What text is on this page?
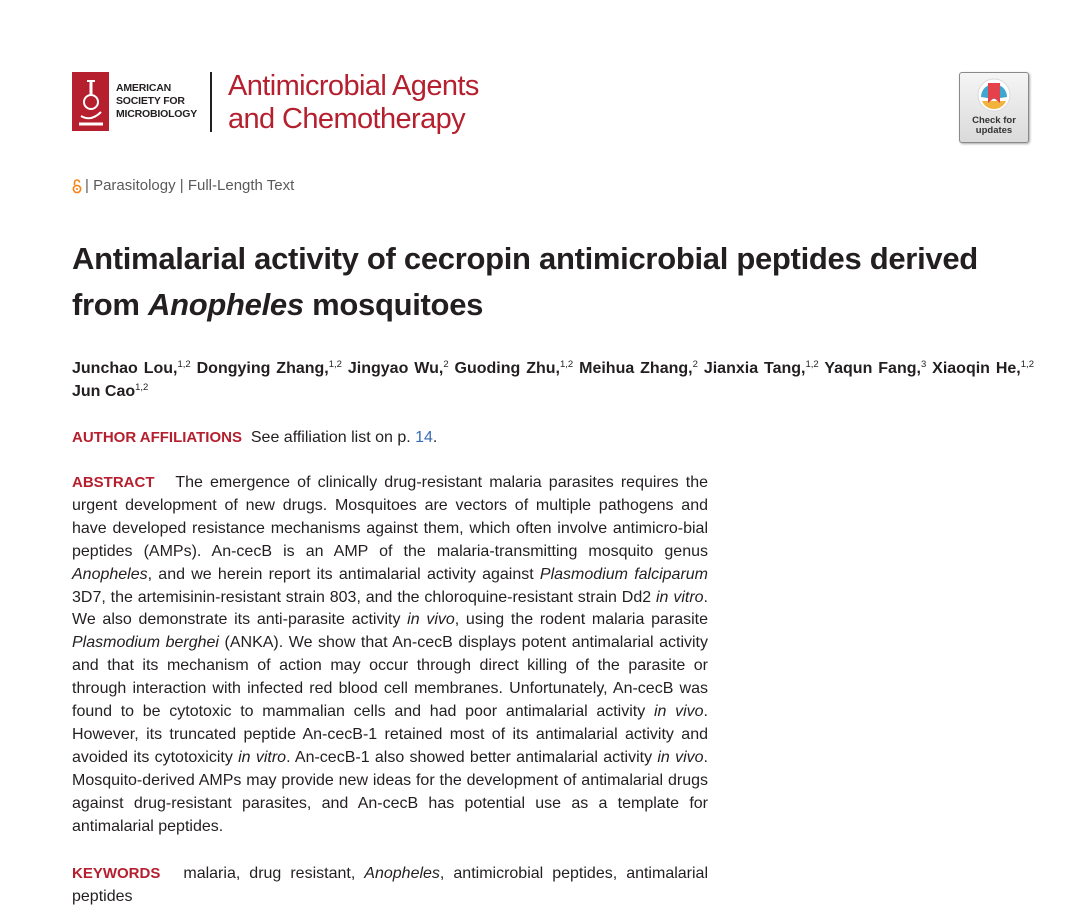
AMERICAN
SOCIETY FOR
MICROBIOLOGY
Antimicrobial Agents
and Chemotherapy	Check for
updates
| Parasitology | Full-Length Text
Antimalarial activity of cecropin antimicrobial peptides derived
from Anopheles mosquitoes
Junchao Lou,$^{1,2}$ Dongying Zhang,$^{1,2}$ Jingyao Wu,$^2$ Guoding Zhu,$^{1,2}$ Meihua Zhang,$^2$ Jianxia Tang,$^{1,2}$ Yaqun Fang,$^3$ Xiaoqin He,$^{1,2}$ Jun Cao$^{1,2}$
AUTHOR AFFILIATIONS See affiliation list on p. 14.

ABSTRACT The emergence of clinically drug-resistant malaria parasites requires the urgent development of new drugs. Mosquitoes are vectors of multiple pathogens and have developed resistance mechanisms against them, which often involve antimicro-bial peptides (AMPs). An-cecB is an AMP of the malaria-transmitting mosquito genus Anopheles, and we herein report its antimalarial activity against Plasmodium falciparum 3D7, the artemisinin-resistant strain 803, and the chloroquine-resistant strain Dd2 in vitro. We also demonstrate its anti-parasite activity in vivo, using the rodent malaria parasite Plasmodium berghei (ANKA). We show that An-cecB displays potent antimalarial activity and that its mechanism of action may occur through direct killing of the parasite or through interaction with infected red blood cell membranes. Unfortunately, An-cecB was found to be cytotoxic to mammalian cells and had poor antimalarial activity in vivo. However, its truncated peptide An-cecB-1 retained most of its antimalarial activity and avoided its cytotoxicity in vitro. An-cecB-1 also showed better antimalarial activity in vivo. Mosquito-derived AMPs may provide new ideas for the development of antimalarial drugs against drug-resistant parasites, and An-cecB has potential use as a template for antimalarial peptides.

KEYWORDS malaria, drug resistant, Anopheles, antimicrobial peptides, antimalarial peptides
